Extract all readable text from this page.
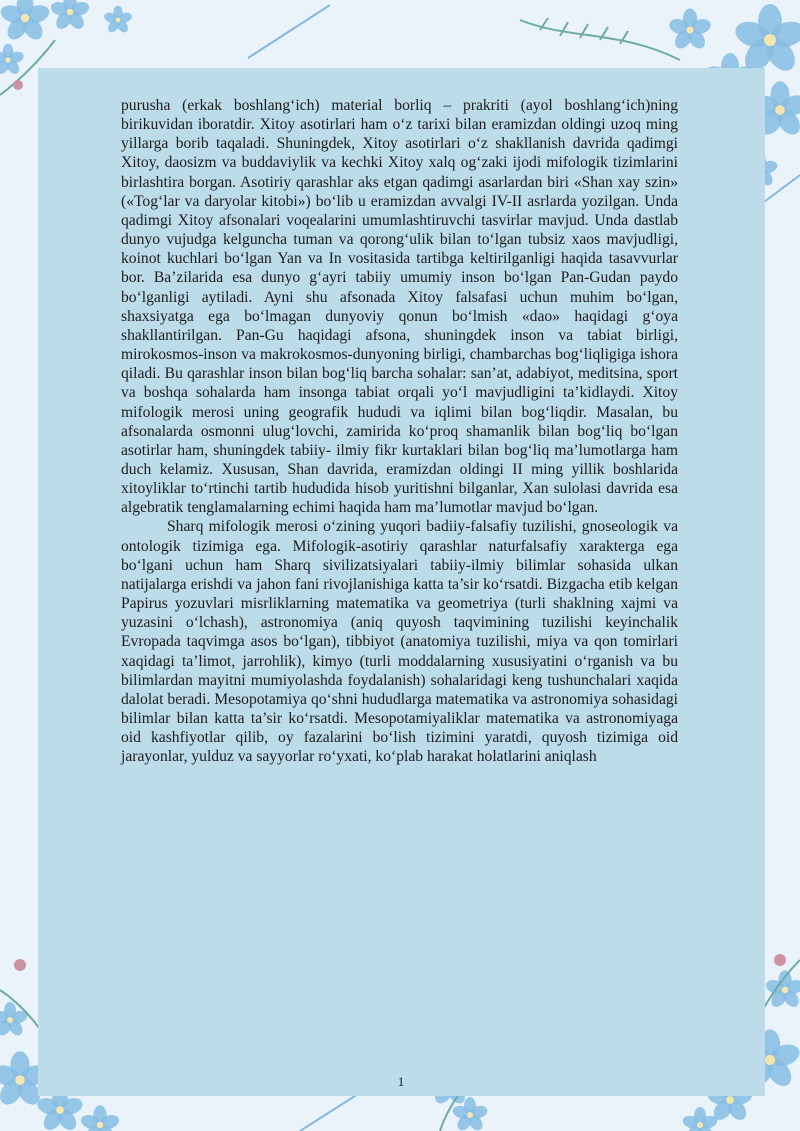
purusha (erkak boshlang‘ich) material borliq – prakriti (ayol boshlang‘ich)ning birikuvidan iboratdir. Xitoy asotirlari ham o‘z tarixi bilan eramizdan oldingi uzoq ming yillarga borib taqaladi. Shuningdek, Xitoy asotirlari o‘z shakllanish davrida qadimgi Xitoy, daosizm va buddaviylik va kechki Xitoy xalq og‘zaki ijodi mifologik tizimlarini birlashtira borgan. Asotiriy qarashlar aks etgan qadimgi asarlardan biri «Shan xay szin» («Tog‘lar va daryolar kitobi») bo‘lib u eramizdan avvalgi IV-II asrlarda yozilgan. Unda qadimgi Xitoy afsonalari voqealarini umumlashtiruvchi tasvirlar mavjud. Unda dastlab dunyo vujudga kelguncha tuman va qorong‘ulik bilan to‘lgan tubsiz xaos mavjudligi, koinot kuchlari bo‘lgan Yan va In vositasida tartibga keltirilganligi haqida tasavvurlar bor. Ba’zilarida esa dunyo g‘ayri tabiiy umumiy inson bo‘lgan Pan-Gudan paydo bo‘lganligi aytiladi. Ayni shu afsonada Xitoy falsafasi uchun muhim bo‘lgan, shaxsiyatga ega bo‘lmagan dunyoviy qonun bo‘lmish «dao» haqidagi g‘oya shakllantirilgan. Pan-Gu haqidagi afsona, shuningdek inson va tabiat birligi, mirokosmos-inson va makrokosmos-dunyoning birligi, chambarchas bog‘liqligiga ishora qiladi. Bu qarashlar inson bilan bog‘liq barcha sohalar: san’at, adabiyot, meditsina, sport va boshqa sohalarda ham insonga tabiat orqali yo‘l mavjudligini ta’kidlaydi. Xitoy mifologik merosi uning geografik hududi va iqlimi bilan bog‘liqdir. Masalan, bu afsonalarda osmonni ulug‘lovchi, zamirida ko‘proq shamanlik bilan bog‘liq bo‘lgan asotirlar ham, shuningdek tabiiy- ilmiy fikr kurtaklari bilan bog‘liq ma’lumotlarga ham duch kelamiz. Xususan, Shan davrida, eramizdan oldingi II ming yillik boshlarida xitoyliklar to‘rtinchi tartib hududida hisob yuritishni bilganlar, Xan sulolasi davrida esa algebratik tenglamalarning echimi haqida ham ma’lumotlar mavjud bo‘lgan.

Sharq mifologik merosi o‘zining yuqori badiiy-falsafiy tuzilishi, gnoseologik va ontologik tizimiga ega. Mifologik-asotiriy qarashlar naturfalsafiy xarakterga ega bo‘lgani uchun ham Sharq sivilizatsiyalari tabiiy-ilmiy bilimlar sohasida ulkan natijalarga erishdi va jahon fani rivojlanishiga katta ta’sir ko‘rsatdi. Bizgacha etib kelgan Papirus yozuvlari misrliklarning matematika va geometriya (turli shaklning xajmi va yuzasini o‘lchash), astronomiya (aniq quyosh taqvimining tuzilishi keyinchalik Evropada taqvimga asos bo‘lgan), tibbiyot (anatomiya tuzilishi, miya va qon tomirlari xaqidagi ta’limot, jarrohlik), kimyo (turli moddalarning xususiyatini o‘rganish va bu bilimlardan mayitni mumiyolashda foydalanish) sohalaridagi keng tushunchalari xaqida dalolat beradi. Mesopotamiya qo‘shni hududlarga matematika va astronomiya sohasidagi bilimlar bilan katta ta’sir ko‘rsatdi. Mesopotamiyaliklar matematika va astronomiyaga oid kashfiyotlar qilib, oy fazalarini bo‘lish tizimini yaratdi, quyosh tizimiga oid jarayonlar, yulduz va sayyorlar ro‘yxati, ko‘plab harakat holatlarini aniqlash

1
